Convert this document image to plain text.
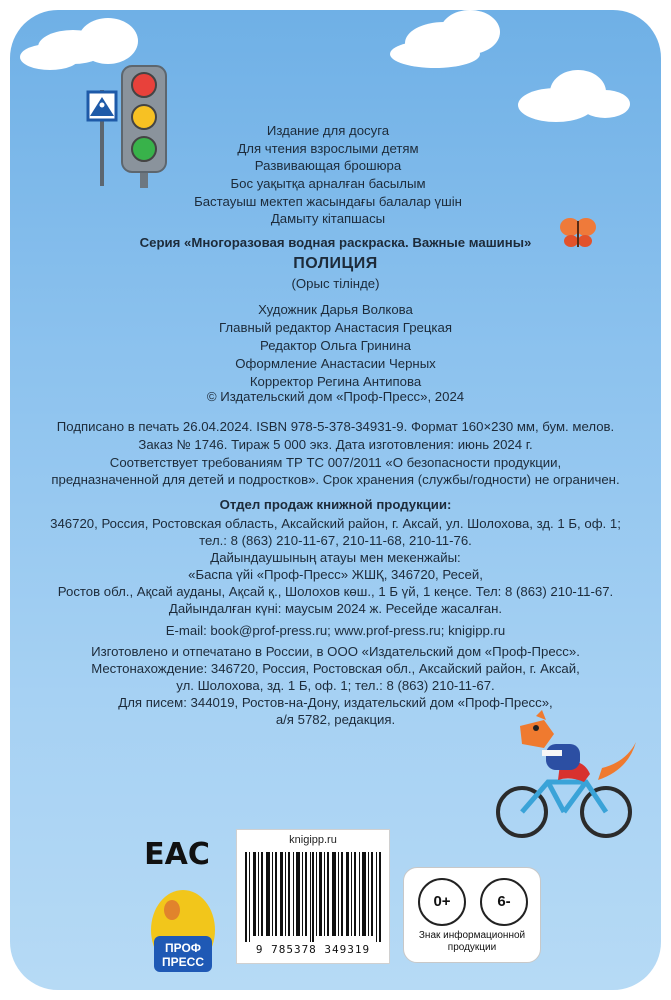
Издание для досуга
Для чтения взрослыми детям
Развивающая брошюра
Бос уақытқа арналған басылым
Бастауыш мектеп жасындағы балалар үшін
Дамыту кітапшасы
Серия «Многоразовая водная раскраска. Важные машины»
ПОЛИЦИЯ
(Орыс тілінде)
Художник Дарья Волкова
Главный редактор Анастасия Грецкая
Редактор Ольга Гринина
Оформление Анастасии Черных
Корректор Регина Антипова
© Издательский дом «Проф-Пресс», 2024
Подписано в печать 26.04.2024. ISBN 978-5-378-34931-9. Формат 160×230 мм, бум. мелов.
Заказ № 1746. Тираж 5 000 экз. Дата изготовления: июнь 2024 г.
Соответствует требованиям ТР ТС 007/2011 «О безопасности продукции,
предназначенной для детей и подростков». Срок хранения (службы/годности) не ограничен.
Отдел продаж книжной продукции:
346720, Россия, Ростовская область, Аксайский район, г. Аксай, ул. Шолохова, зд. 1 Б, оф. 1;
тел.: 8 (863) 210-11-67, 210-11-68, 210-11-76.
Дайындаушының атауы мен мекенжайы:
«Баспа үйі «Проф-Пресс» ЖШҚ, 346720, Ресей,
Ростов обл., Ақсай ауданы, Ақсай қ., Шолохов көш., 1 Б үй, 1 кеңсе. Тел: 8 (863) 210-11-67.
Дайындалған күні: маусым 2024 ж. Ресейде жасалған.
E-mail: book@prof-press.ru; www.prof-press.ru; knigipp.ru
Изготовлено и отпечатано в России, в ООО «Издательский дом «Проф-Пресс».
Местонахождение: 346720, Россия, Ростовская обл., Аксайский район, г. Аксай,
ул. Шолохова, зд. 1 Б, оф. 1; тел.: 8 (863) 210-11-67.
Для писем: 344019, Ростов-на-Дону, издательский дом «Проф-Пресс»,
а/я 5782, редакция.
EAC
ПРОФ
ПРЕСС
knigipp.ru
9 785378 349319
0+	6-
Знак информационной
продукции
